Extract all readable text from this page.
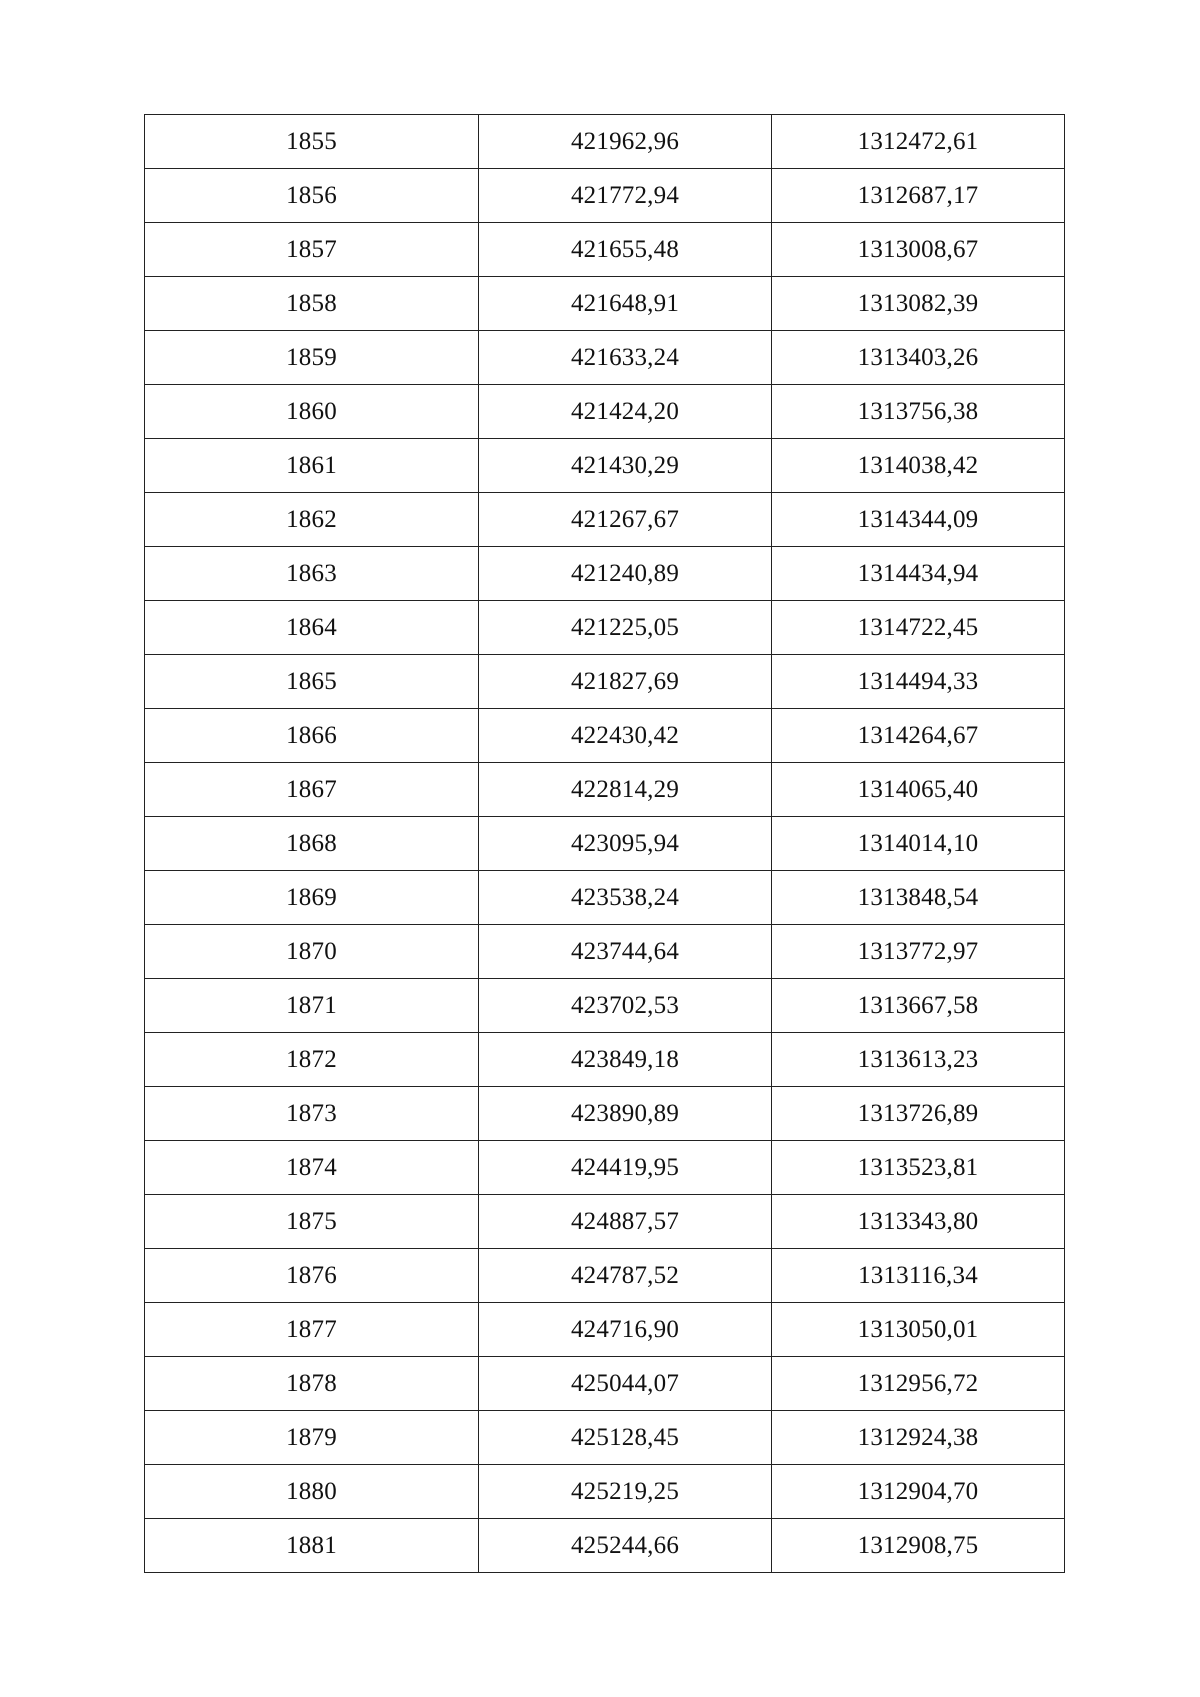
1855	421962,96	1312472,61
1856	421772,94	1312687,17
1857	421655,48	1313008,67
1858	421648,91	1313082,39
1859	421633,24	1313403,26
1860	421424,20	1313756,38
1861	421430,29	1314038,42
1862	421267,67	1314344,09
1863	421240,89	1314434,94
1864	421225,05	1314722,45
1865	421827,69	1314494,33
1866	422430,42	1314264,67
1867	422814,29	1314065,40
1868	423095,94	1314014,10
1869	423538,24	1313848,54
1870	423744,64	1313772,97
1871	423702,53	1313667,58
1872	423849,18	1313613,23
1873	423890,89	1313726,89
1874	424419,95	1313523,81
1875	424887,57	1313343,80
1876	424787,52	1313116,34
1877	424716,90	1313050,01
1878	425044,07	1312956,72
1879	425128,45	1312924,38
1880	425219,25	1312904,70
1881	425244,66	1312908,75
